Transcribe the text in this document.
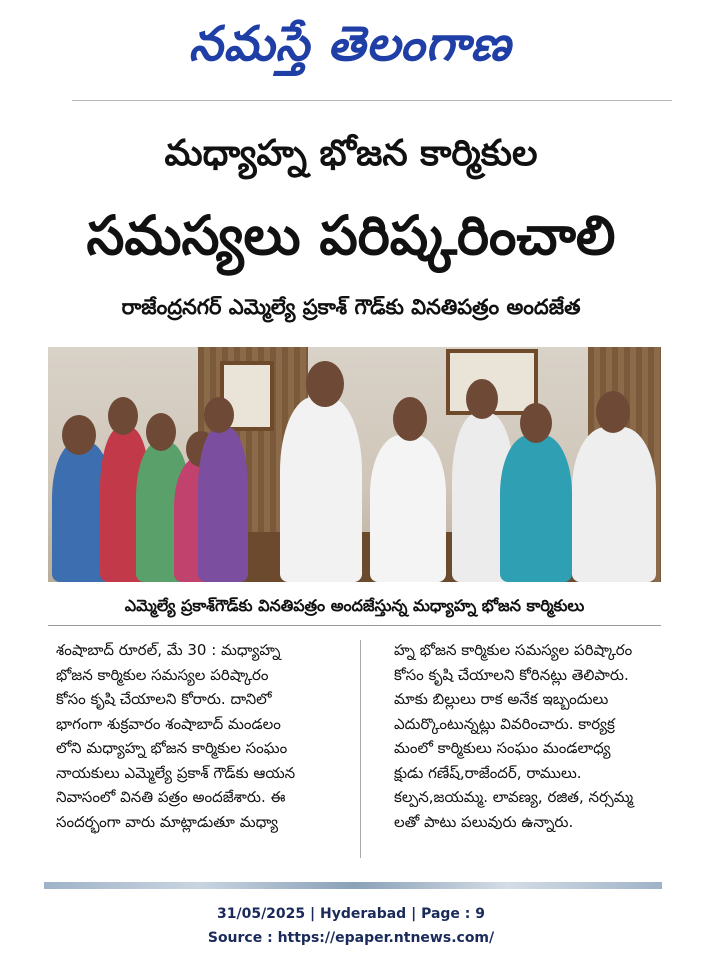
నమస్తే తెలంగాణ
మధ్యాహ్న భోజన కార్మికుల
సమస్యలు పరిష్కరించాలి
రాజేంద్రనగర్ ఎమ్మెల్యే ప్రకాశ్ గౌడ్‌కు వినతిపత్రం అందజేత
ఎమ్మెల్యే ప్రకాశ్‌గౌడ్‌కు వినతిపత్రం అందజేస్తున్న మధ్యాహ్న భోజన కార్మికులు

శంషాబాద్ రూరల్, మే 30 : మధ్యాహ్న

భోజన కార్మికుల సమస్యల పరిష్కారం

కోసం కృషి చేయాలని కోరారు. దానిలో

భాగంగా శుక్రవారం శంషాబాద్ మండలం

లోని మధ్యాహ్న భోజన కార్మికుల సంఘం

నాయకులు ఎమ్మెల్యే ప్రకాశ్ గౌడ్‌కు ఆయన

నివాసంలో వినతి పత్రం అందజేశారు. ఈ

సందర్భంగా వారు మాట్లాడుతూ మధ్యా

హ్న భోజన కార్మికుల సమస్యల పరిష్కారం

కోసం కృషి చేయాలని కోరినట్లు తెలిపారు.

మాకు బిల్లులు రాక అనేక ఇబ్బందులు

ఎదుర్కొంటున్నట్లు వివరించారు. కార్యక్ర

మంలో కార్మికులు సంఘం మండలాధ్య

క్షుడు గణేష్,రాజేందర్, రాములు.

కల్పన,జయమ్మ. లావణ్య, రజిత, నర్సమ్మ

లతో పాటు పలువురు ఉన్నారు.

31/05/2025 | Hyderabad | Page : 9
Source : https://epaper.ntnews.com/
